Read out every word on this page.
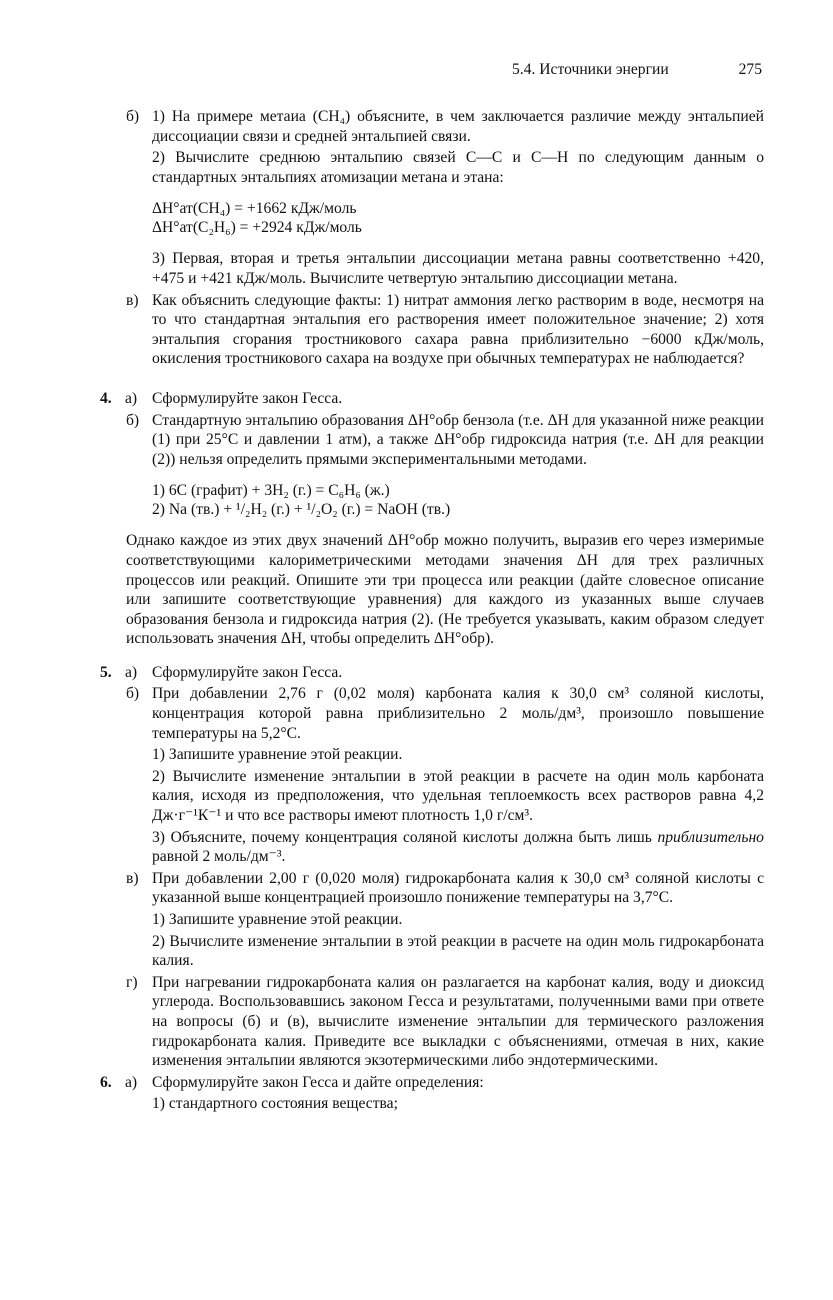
5.4. Источники энергии	275
б) 1) На примере метаиа (CH₄) объясните, в чем заключается различие между энтальпией диссоциации связи и средней энтальпией связи.

2) Вычислите среднюю энтальпию связей C—C и C—H по следующим данным о стандартных энтальпиях атомизации метана и этана:

ΔH°ат(CH₄) = +1662 кДж/моль
ΔH°ат(C₂H₆) = +2924 кДж/моль

3) Первая, вторая и третья энтальпии диссоциации метана равны соответственно +420, +475 и +421 кДж/моль. Вычислите четвертую энтальпию диссоциации метана.

в) Как объяснить следующие факты: 1) нитрат аммония легко растворим в воде, несмотря на то что стандартная энтальпия его растворения имеет положительное значение; 2) хотя энтальпия сгорания тростникового сахара равна приблизительно −6000 кДж/моль, окисления тростникового сахара на воздухе при обычных температурах не наблюдается?

4. а) Сформулируйте закон Гесса.

б) Стандартную энтальпию образования ΔH°обр бензола (т.е. ΔH для указанной ниже реакции (1) при 25°C и давлении 1 атм), а также ΔH°обр гидроксида натрия (т.е. ΔH для реакции (2)) нельзя определить прямыми экспериментальными методами.

1) 6C (графит) + 3H₂ (г.) = C₆H₆ (ж.)
2) Na (тв.) + ¹/₂H₂ (г.) + ¹/₂O₂ (г.) = NaOH (тв.)

Однако каждое из этих двух значений ΔH°обр можно получить, выразив его через измеримые соответствующими калориметрическими методами значения ΔH для трех различных процессов или реакций. Опишите эти три процесса или реакции (дайте словесное описание или запишите соответствующие уравнения) для каждого из указанных выше случаев образования бензола и гидроксида натрия (2). (Не требуется указывать, каким образом следует использовать значения ΔH, чтобы определить ΔH°обр).

5. а) Сформулируйте закон Гесса.

б) При добавлении 2,76 г (0,02 моля) карбоната калия к 30,0 см³ соляной кислоты, концентрация которой равна приблизительно 2 моль/дм³, произошло повышение температуры на 5,2°C.

1) Запишите уравнение этой реакции.

2) Вычислите изменение энтальпии в этой реакции в расчете на один моль карбоната калия, исходя из предположения, что удельная теплоемкость всех растворов равна 4,2 Дж·г⁻¹К⁻¹ и что все растворы имеют плотность 1,0 г/см³.

3) Объясните, почему концентрация соляной кислоты должна быть лишь приблизительно равной 2 моль/дм⁻³.

в) При добавлении 2,00 г (0,020 моля) гидрокарбоната калия к 30,0 см³ соляной кислоты с указанной выше концентрацией произошло понижение температуры на 3,7°C.

1) Запишите уравнение этой реакции.

2) Вычислите изменение энтальпии в этой реакции в расчете на один моль гидрокарбоната калия.

г) При нагревании гидрокарбоната калия он разлагается на карбонат калия, воду и диоксид углерода. Воспользовавшись законом Гесса и результатами, полученными вами при ответе на вопросы (б) и (в), вычислите изменение энтальпии для термического разложения гидрокарбоната калия. Приведите все выкладки с объяснениями, отмечая в них, какие изменения энтальпии являются экзотермическими либо эндотермическими.

6. а) Сформулируйте закон Гесса и дайте определения:

1) стандартного состояния вещества;
